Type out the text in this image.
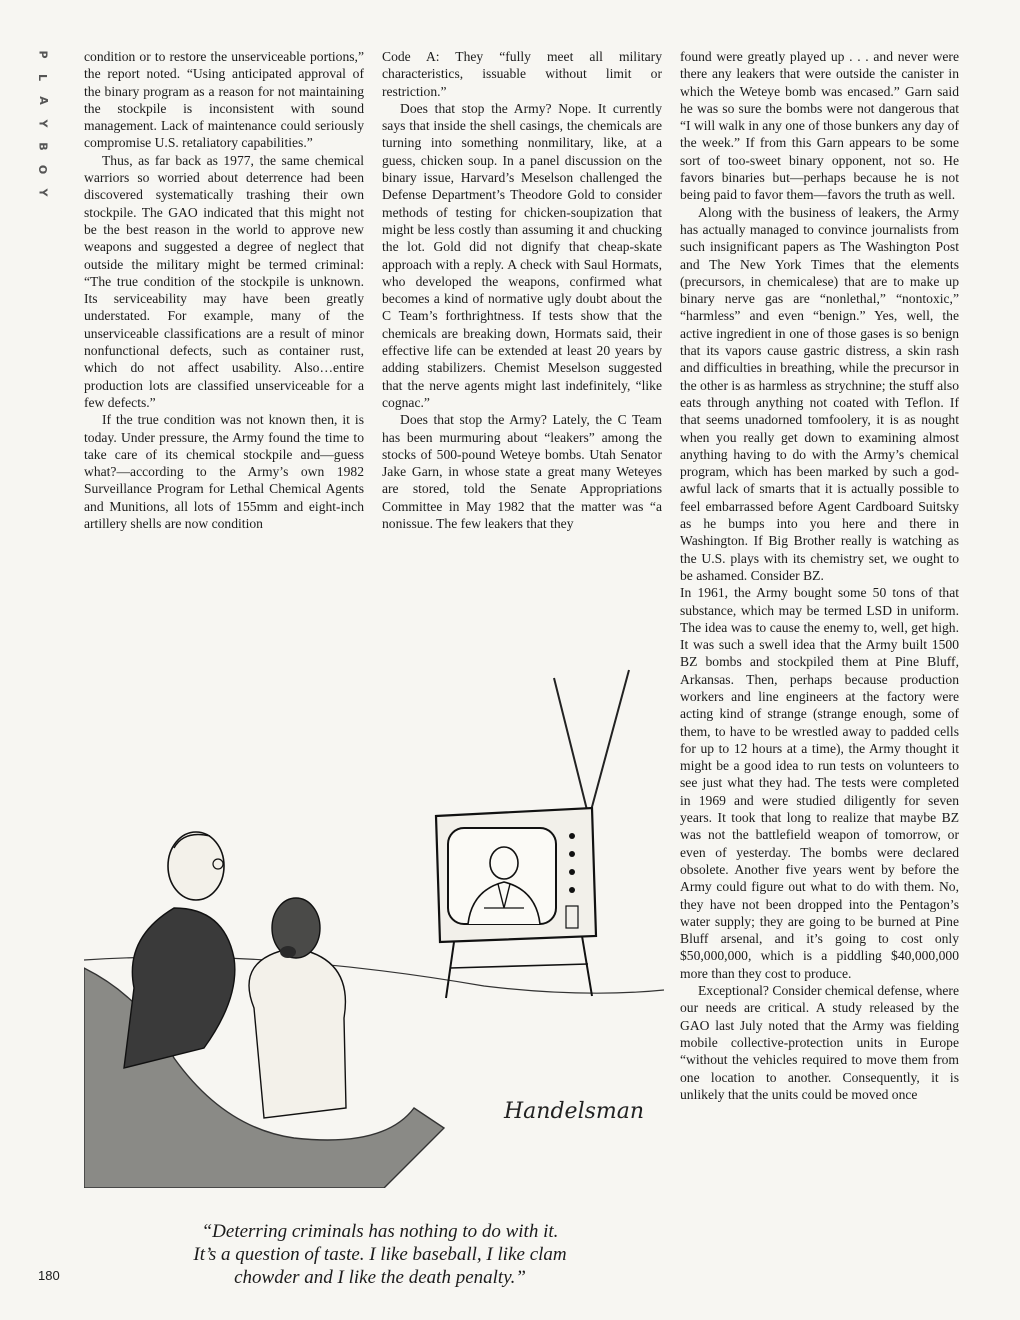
P
L
A
Y
B
O
Y

condition or to restore the unserviceable portions,” the report noted. “Using anticipated approval of the binary program as a reason for not maintaining the stockpile is inconsistent with sound management. Lack of maintenance could seriously compromise U.S. retaliatory capabilities.”

Thus, as far back as 1977, the same chemical warriors so worried about deterrence had been discovered systematically trashing their own stockpile. The GAO indicated that this might not be the best reason in the world to approve new weapons and suggested a degree of neglect that outside the military might be termed criminal: “The true condition of the stockpile is unknown. Its serviceability may have been greatly understated. For example, many of the unserviceable classifications are a result of minor nonfunctional defects, such as container rust, which do not affect usability. Also…entire production lots are classified unserviceable for a few defects.”

If the true condition was not known then, it is today. Under pressure, the Army found the time to take care of its chemical stockpile and—guess what?—according to the Army’s own 1982 Surveillance Program for Lethal Chemical Agents and Munitions, all lots of 155mm and eight-inch artillery shells are now condition

Code A: They “fully meet all military characteristics, issuable without limit or restriction.”

Does that stop the Army? Nope. It currently says that inside the shell casings, the chemicals are turning into something nonmilitary, like, at a guess, chicken soup. In a panel discussion on the binary issue, Harvard’s Meselson challenged the Defense Department’s Theodore Gold to consider methods of testing for chicken-soupization that might be less costly than assuming it and chucking the lot. Gold did not dignify that cheap-skate approach with a reply. A check with Saul Hormats, who developed the weapons, confirmed what becomes a kind of normative ugly doubt about the C Team’s forthrightness. If tests show that the chemicals are breaking down, Hormats said, their effective life can be extended at least 20 years by adding stabilizers. Chemist Meselson suggested that the nerve agents might last indefinitely, “like cognac.”

Does that stop the Army? Lately, the C Team has been murmuring about “leakers” among the stocks of 500-pound Weteye bombs. Utah Senator Jake Garn, in whose state a great many Weteyes are stored, told the Senate Appropriations Committee in May 1982 that the matter was “a nonissue. The few leakers that they

found were greatly played up . . . and never were there any leakers that were outside the canister in which the Weteye bomb was encased.” Garn said he was so sure the bombs were not dangerous that “I will walk in any one of those bunkers any day of the week.” If from this Garn appears to be some sort of too-sweet binary opponent, not so. He favors binaries but—perhaps because he is not being paid to favor them—favors the truth as well.

Along with the business of leakers, the Army has actually managed to convince journalists from such insignificant papers as The Washington Post and The New York Times that the elements (precursors, in chemicalese) that are to make up binary nerve gas are “nonlethal,” “nontoxic,” “harmless” and even “benign.” Yes, well, the active ingredient in one of those gases is so benign that its vapors cause gastric distress, a skin rash and difficulties in breathing, while the precursor in the other is as harmless as strychnine; the stuff also eats through anything not coated with Teflon. If that seems unadorned tomfoolery, it is as nought when you really get down to examining almost anything having to do with the Army’s chemical program, which has been marked by such a god-awful lack of smarts that it is actually possible to feel embarrassed before Agent Cardboard Suitsky as he bumps into you here and there in Washington. If Big Brother really is watching as the U.S. plays with its chemistry set, we ought to be ashamed. Consider BZ.

In 1961, the Army bought some 50 tons of that substance, which may be termed LSD in uniform. The idea was to cause the enemy to, well, get high. It was such a swell idea that the Army built 1500 BZ bombs and stockpiled them at Pine Bluff, Arkansas. Then, perhaps because production workers and line engineers at the factory were acting kind of strange (strange enough, some of them, to have to be wrestled away to padded cells for up to 12 hours at a time), the Army thought it might be a good idea to run tests on volunteers to see just what they had. The tests were completed in 1969 and were studied diligently for seven years. It took that long to realize that maybe BZ was not the battlefield weapon of tomorrow, or even of yesterday. The bombs were declared obsolete. Another five years went by before the Army could figure out what to do with them. No, they have not been dropped into the Pentagon’s water supply; they are going to be burned at Pine Bluff arsenal, and it’s going to cost only $50,000,000, which is a piddling $40,000,000 more than they cost to produce.

Exceptional? Consider chemical defense, where our needs are critical. A study released by the GAO last July noted that the Army was fielding mobile collective-protection units in Europe “without the vehicles required to move them from one location to another. Consequently, it is unlikely that the units could be moved once

Handelsman
“Deterring criminals has nothing to do with it.
It’s a question of taste. I like baseball, I like clam
chowder and I like the death penalty.”
180
